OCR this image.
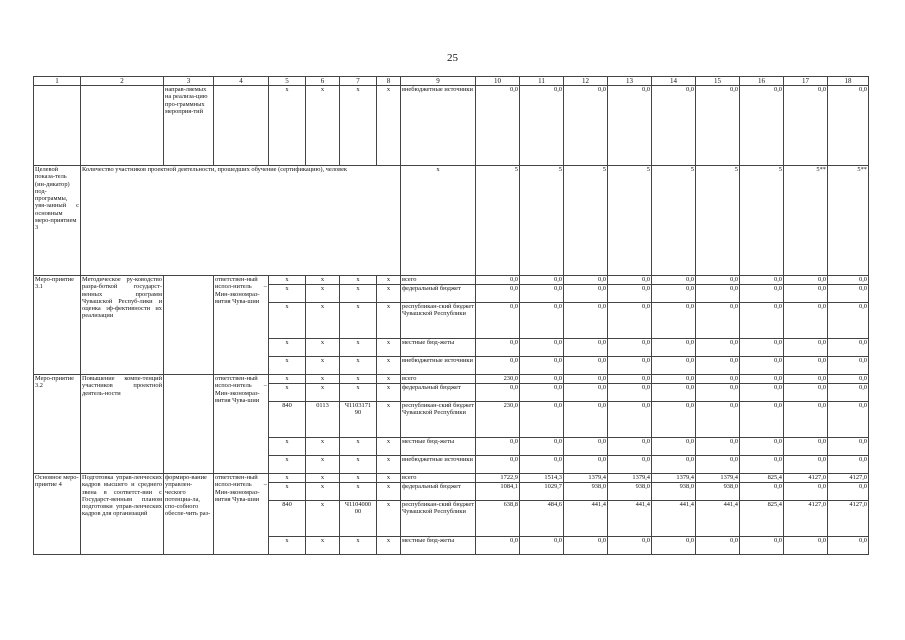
25
1	2	3	4	5	6	7	8	9	10	11	12	13	14	15	16	17	18
		направ-ляемых на реализа-цию про-граммных мероприя-тий		x	x	x	x	внебюджетные источники	0,0	0,0	0,0	0,0	0,0	0,0	0,0	0,0	0,0
Целевой показа-тель (ин-дикатор) под-программы, увя-занный с основным меро-приятием 3	Количество участников проектной деятельности, прошедших обучение (сертификацию), человек							x	5	5	5	5	5	5	5	5**	5**
Меро-приятие 3.1	Методическое ру-ководство разра-боткой государст-венных программ Чувашской Респуб-лики и оценка эф-фективности их реализации		ответствен-ный испол-нитель – Мин-экономраз-вития Чува-шии	x	x	x	x	всего	0,0	0,0	0,0	0,0	0,0	0,0	0,0	0,0	0,0
				x	x	x	x	федеральный бюджет	0,0	0,0	0,0	0,0	0,0	0,0	0,0	0,0	0,0
				x	x	x	x	республикан-ский бюджет Чувашской Республики	0,0	0,0	0,0	0,0	0,0	0,0	0,0	0,0	0,0
				x	x	x	x	местные бюд-жеты	0,0	0,0	0,0	0,0	0,0	0,0	0,0	0,0	0,0
				x	x	x	x	внебюджетные источники	0,0	0,0	0,0	0,0	0,0	0,0	0,0	0,0	0,0
Меро-приятие 3.2	Повышение компе-тенций участников проектной деятель-ности		ответствен-ный испол-нитель – Мин-экономраз-вития Чува-шии	x	x	x	x	всего	230,0	0,0	0,0	0,0	0,0	0,0	0,0	0,0	0,0
				x	x	x	x	федеральный бюджет	0,0	0,0	0,0	0,0	0,0	0,0	0,0	0,0	0,0
				840	0113	Ч1103171 90	x	республикан-ский бюджет Чувашской Республики	230,0	0,0	0,0	0,0	0,0	0,0	0,0	0,0	0,0
				x	x	x	x	местные бюд-жеты	0,0	0,0	0,0	0,0	0,0	0,0	0,0	0,0	0,0
				x	x	x	x	внебюджетные источники	0,0	0,0	0,0	0,0	0,0	0,0	0,0	0,0	0,0
Основное меро-приятие 4	Подготовка управ-ленческих кадров высшего и среднего звена в соответст-вии с Государст-венным планом подготовки управ-ленческих кадров для организаций	формиро-вание управлен-ческого потенциа-ла, спо-собного обеспе-чить раз-	ответствен-ный испол-нитель – Мин-экономраз-вития Чува-шии	x	x	x	x	всего	1722,9	1514,3	1379,4	1379,4	1379,4	1379,4	825,4	4127,0	4127,0
				x	x	x	x	федеральный бюджет	1084,1	1029,7	938,0	938,0	938,0	938,0	0,0	0,0	0,0
				840	x	Ч1104000 00	x	республикан-ский бюджет Чувашской Республики	638,8	484,6	441,4	441,4	441,4	441,4	825,4	4127,0	4127,0
				x	x	x	x	местные бюд-жеты	0,0	0,0	0,0	0,0	0,0	0,0	0,0	0,0	0,0
